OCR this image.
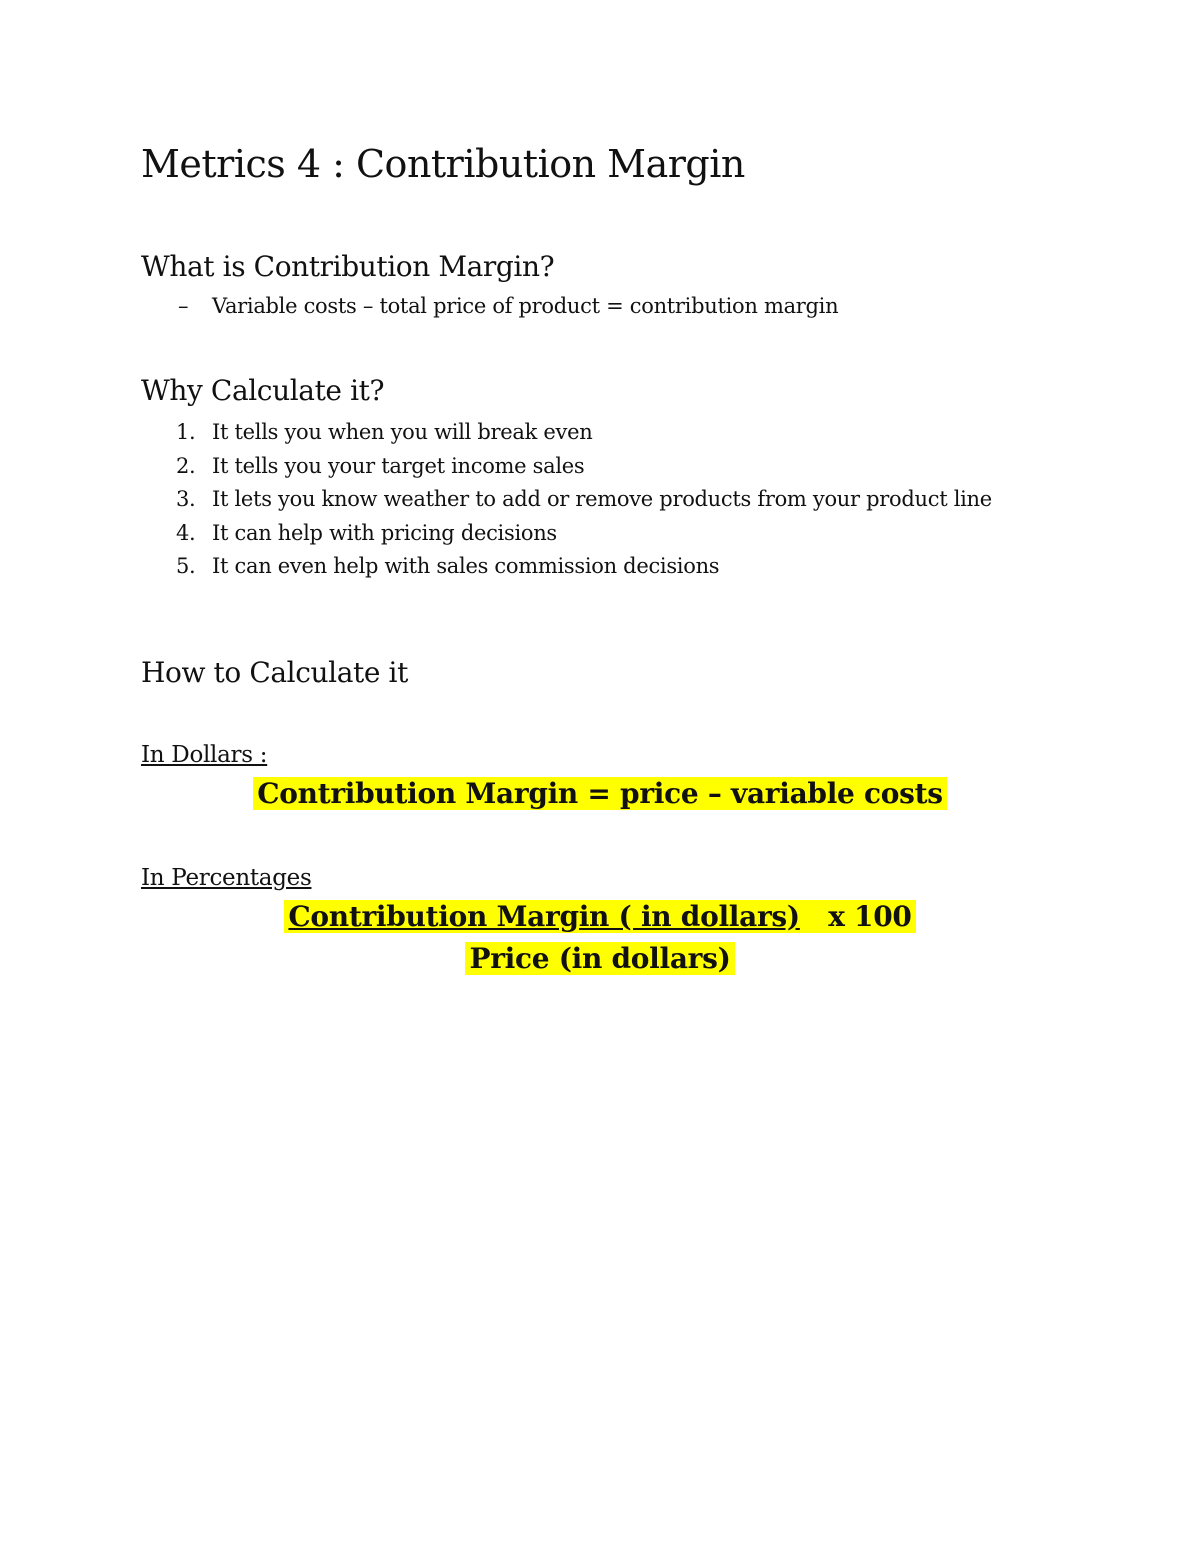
Metrics 4 : Contribution Margin
What is Contribution Margin?
– Variable costs – total price of product = contribution margin
Why Calculate it?
1. It tells you when you will break even
2. It tells you your target income sales
3. It lets you know weather to add or remove products from your product line
4. It can help with pricing decisions
5. It can even help with sales commission decisions
How to Calculate it
In Dollars :
Contribution Margin = price – variable costs
In Percentages
Contribution Margin ( in dollars)   x 100
Price (in dollars)
